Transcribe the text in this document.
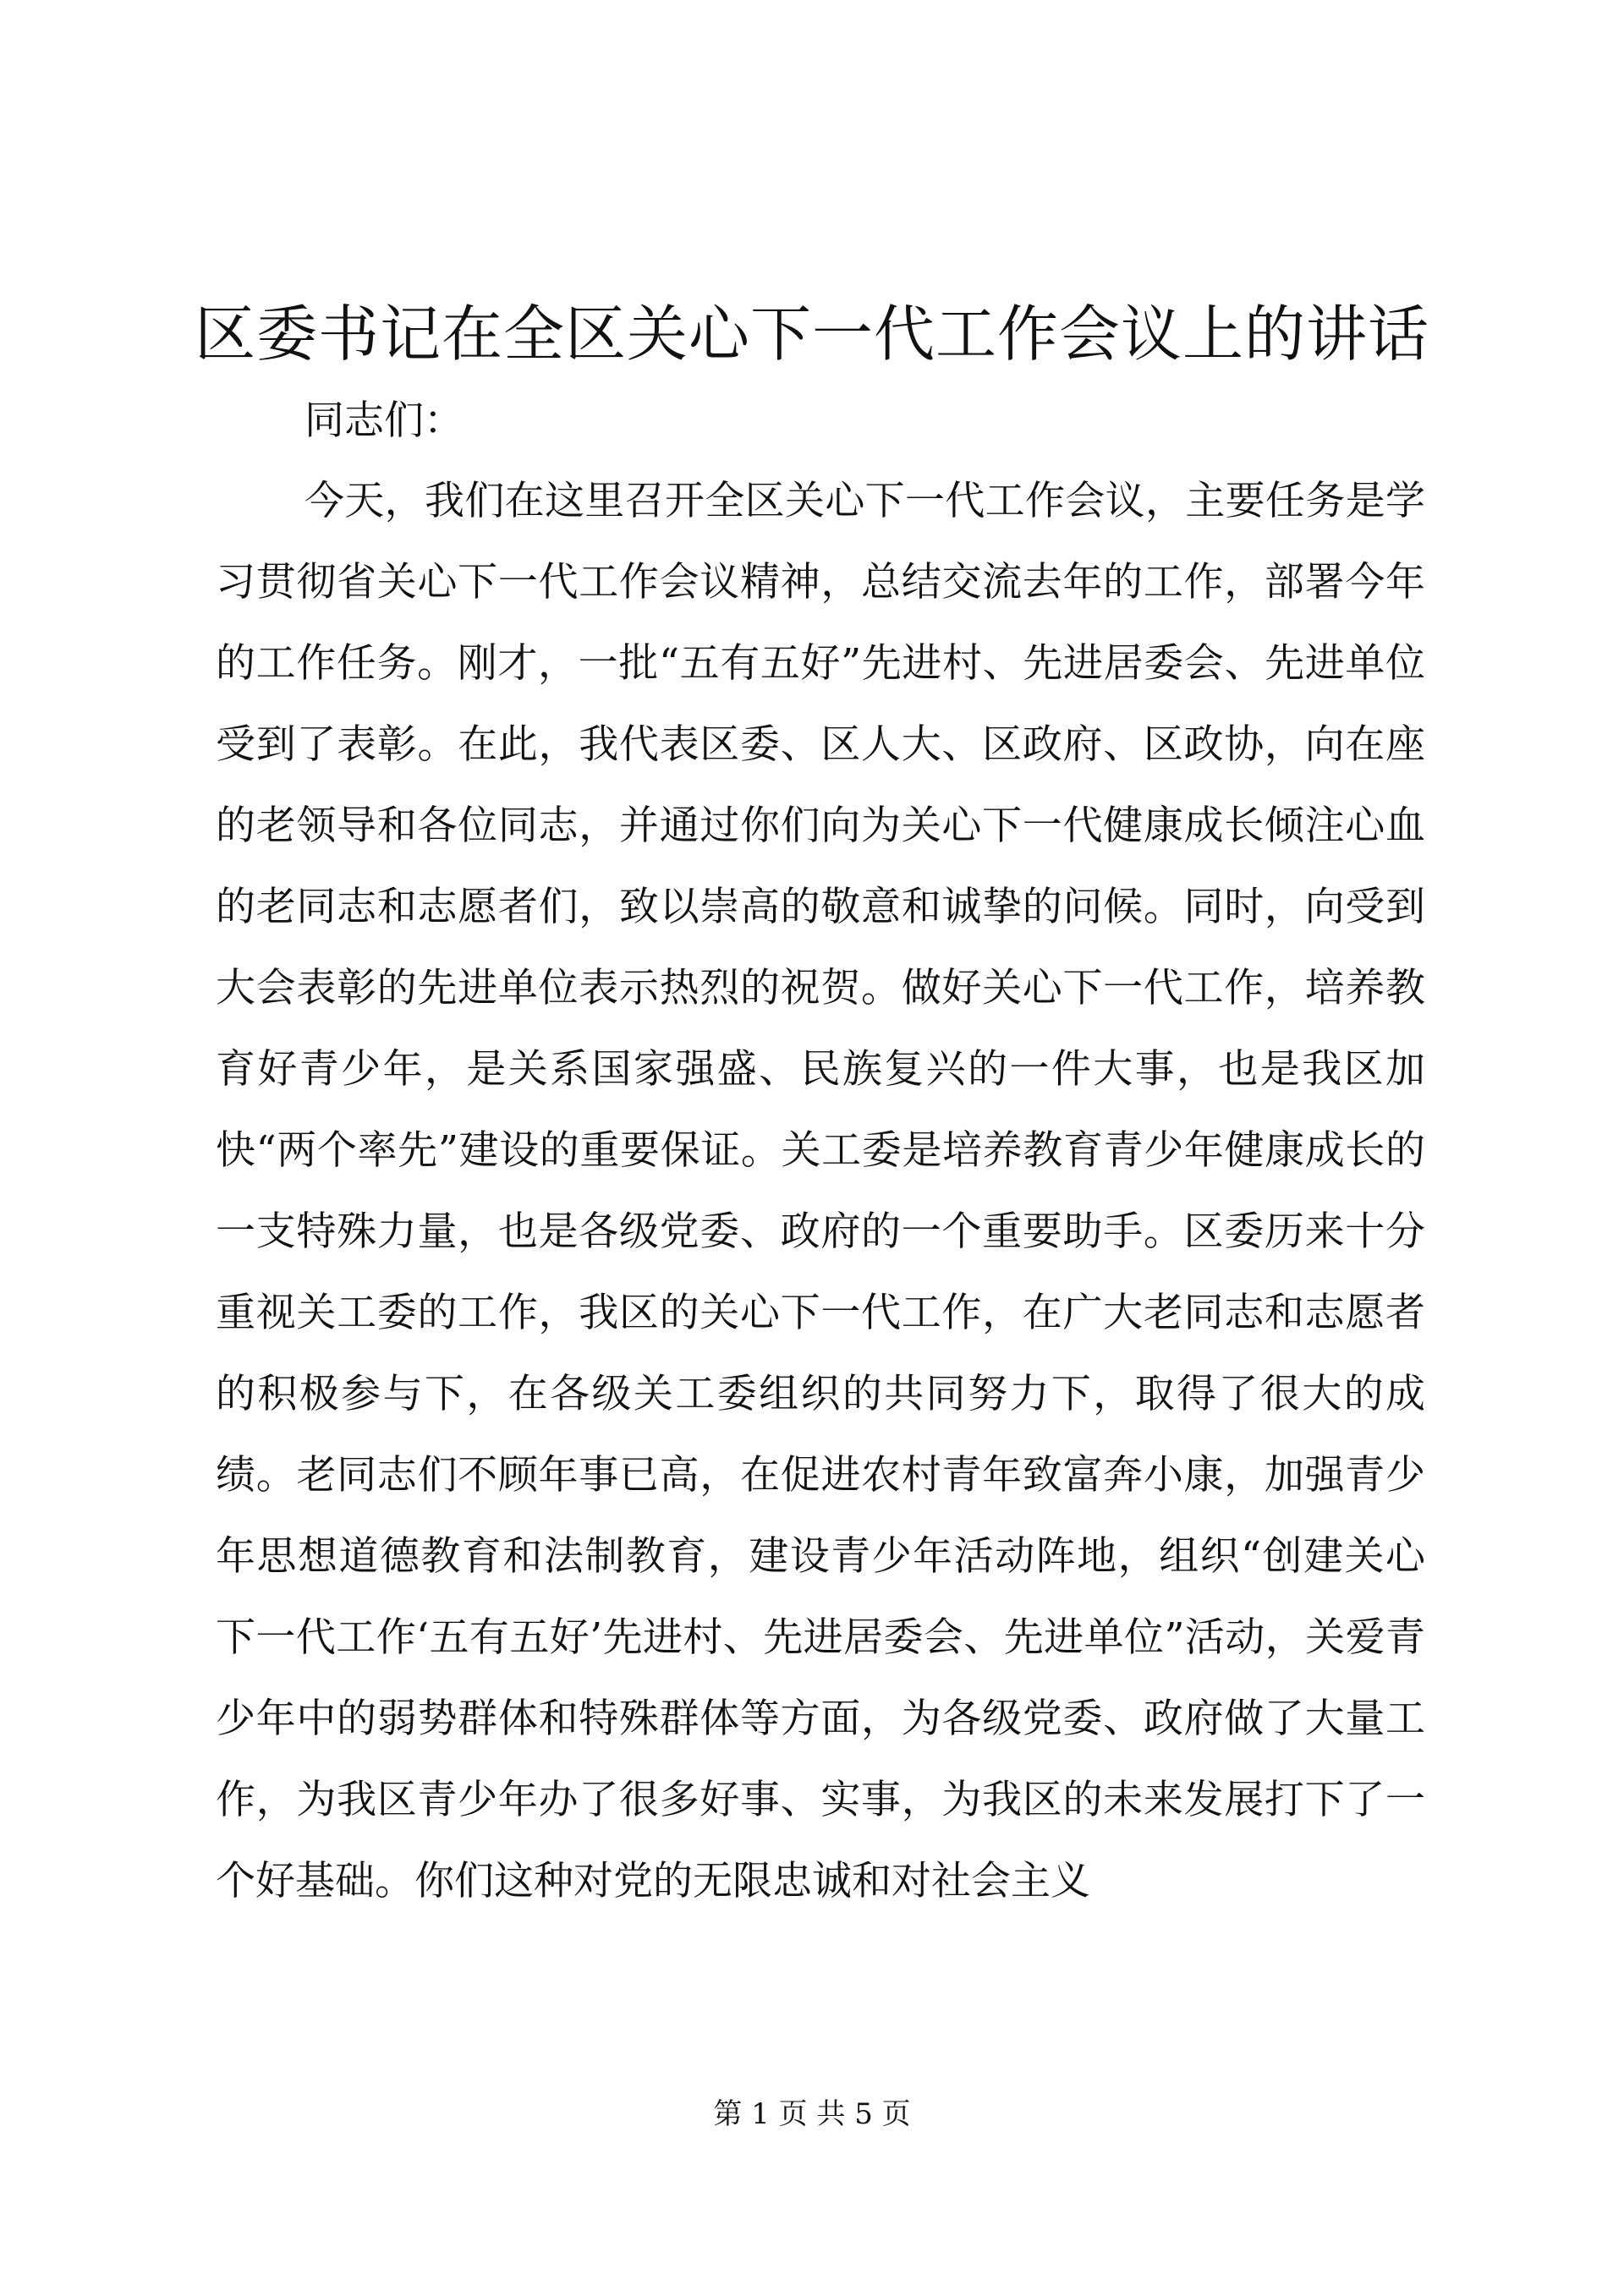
区委书记在全区关心下一代工作会议上的讲话

同志们：

今天，我们在这里召开全区关心下一代工作会议，主要任务是学习贯彻省关心下一代工作会议精神，总结交流去年的工作，部署今年的工作任务。刚才，一批“五有五好”先进村、先进居委会、先进单位受到了表彰。在此，我代表区委、区人大、区政府、区政协，向在座的老领导和各位同志，并通过你们向为关心下一代健康成长倾注心血的老同志和志愿者们，致以崇高的敬意和诚挚的问候。同时，向受到大会表彰的先进单位表示热烈的祝贺。做好关心下一代工作，培养教育好青少年，是关系国家强盛、民族复兴的一件大事，也是我区加快“两个率先”建设的重要保证。关工委是培养教育青少年健康成长的一支特殊力量，也是各级党委、政府的一个重要助手。区委历来十分重视关工委的工作，我区的关心下一代工作，在广大老同志和志愿者的积极参与下，在各级关工委组织的共同努力下，取得了很大的成绩。老同志们不顾年事已高，在促进农村青年致富奔小康，加强青少年思想道德教育和法制教育，建设青少年活动阵地，组织“创建关心下一代工作‘五有五好’先进村、先进居委会、先进单位”活动，关爱青少年中的弱势群体和特殊群体等方面，为各级党委、政府做了大量工作，为我区青少年办了很多好事、实事，为我区的未来发展打下了一个好基础。你们这种对党的无限忠诚和对社会主义

第 1 页 共 5 页
